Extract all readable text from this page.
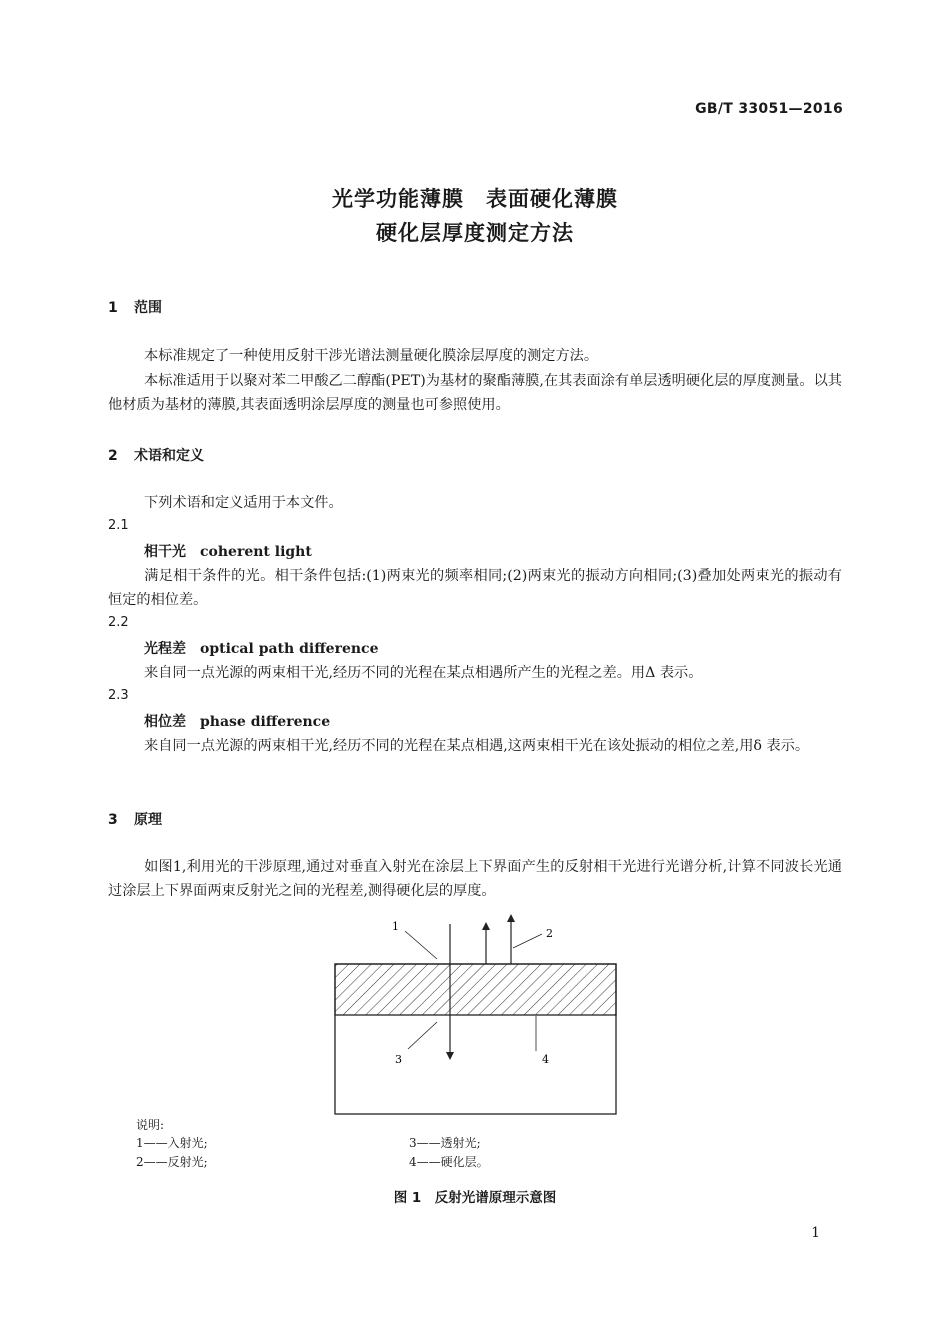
GB/T 33051—2016
光学功能薄膜　表面硬化薄膜
硬化层厚度测定方法
1 范围
本标准规定了一种使用反射干涉光谱法测量硬化膜涂层厚度的测定方法。
本标准适用于以聚对苯二甲酸乙二醇酯(PET)为基材的聚酯薄膜,在其表面涂有单层透明硬化层的厚度测量。以其他材质为基材的薄膜,其表面透明涂层厚度的测量也可参照使用。
2 术语和定义
下列术语和定义适用于本文件。
2.1
相干光 coherent light
满足相干条件的光。相干条件包括:(1)两束光的频率相同;(2)两束光的振动方向相同;(3)叠加处两束光的振动有恒定的相位差。
2.2
光程差 optical path difference
来自同一点光源的两束相干光,经历不同的光程在某点相遇所产生的光程之差。用Δ 表示。
2.3
相位差 phase difference
来自同一点光源的两束相干光,经历不同的光程在某点相遇,这两束相干光在该处振动的相位之差,用δ 表示。
3 原理
如图1,利用光的干涉原理,通过对垂直入射光在涂层上下界面产生的反射相干光进行光谱分析,计算不同波长光通过涂层上下界面两束反射光之间的光程差,测得硬化层的厚度。
1
2
3	4
说明:
1——入射光;
2——反射光;
3——透射光;
4——硬化层。
图 1　反射光谱原理示意图
1
